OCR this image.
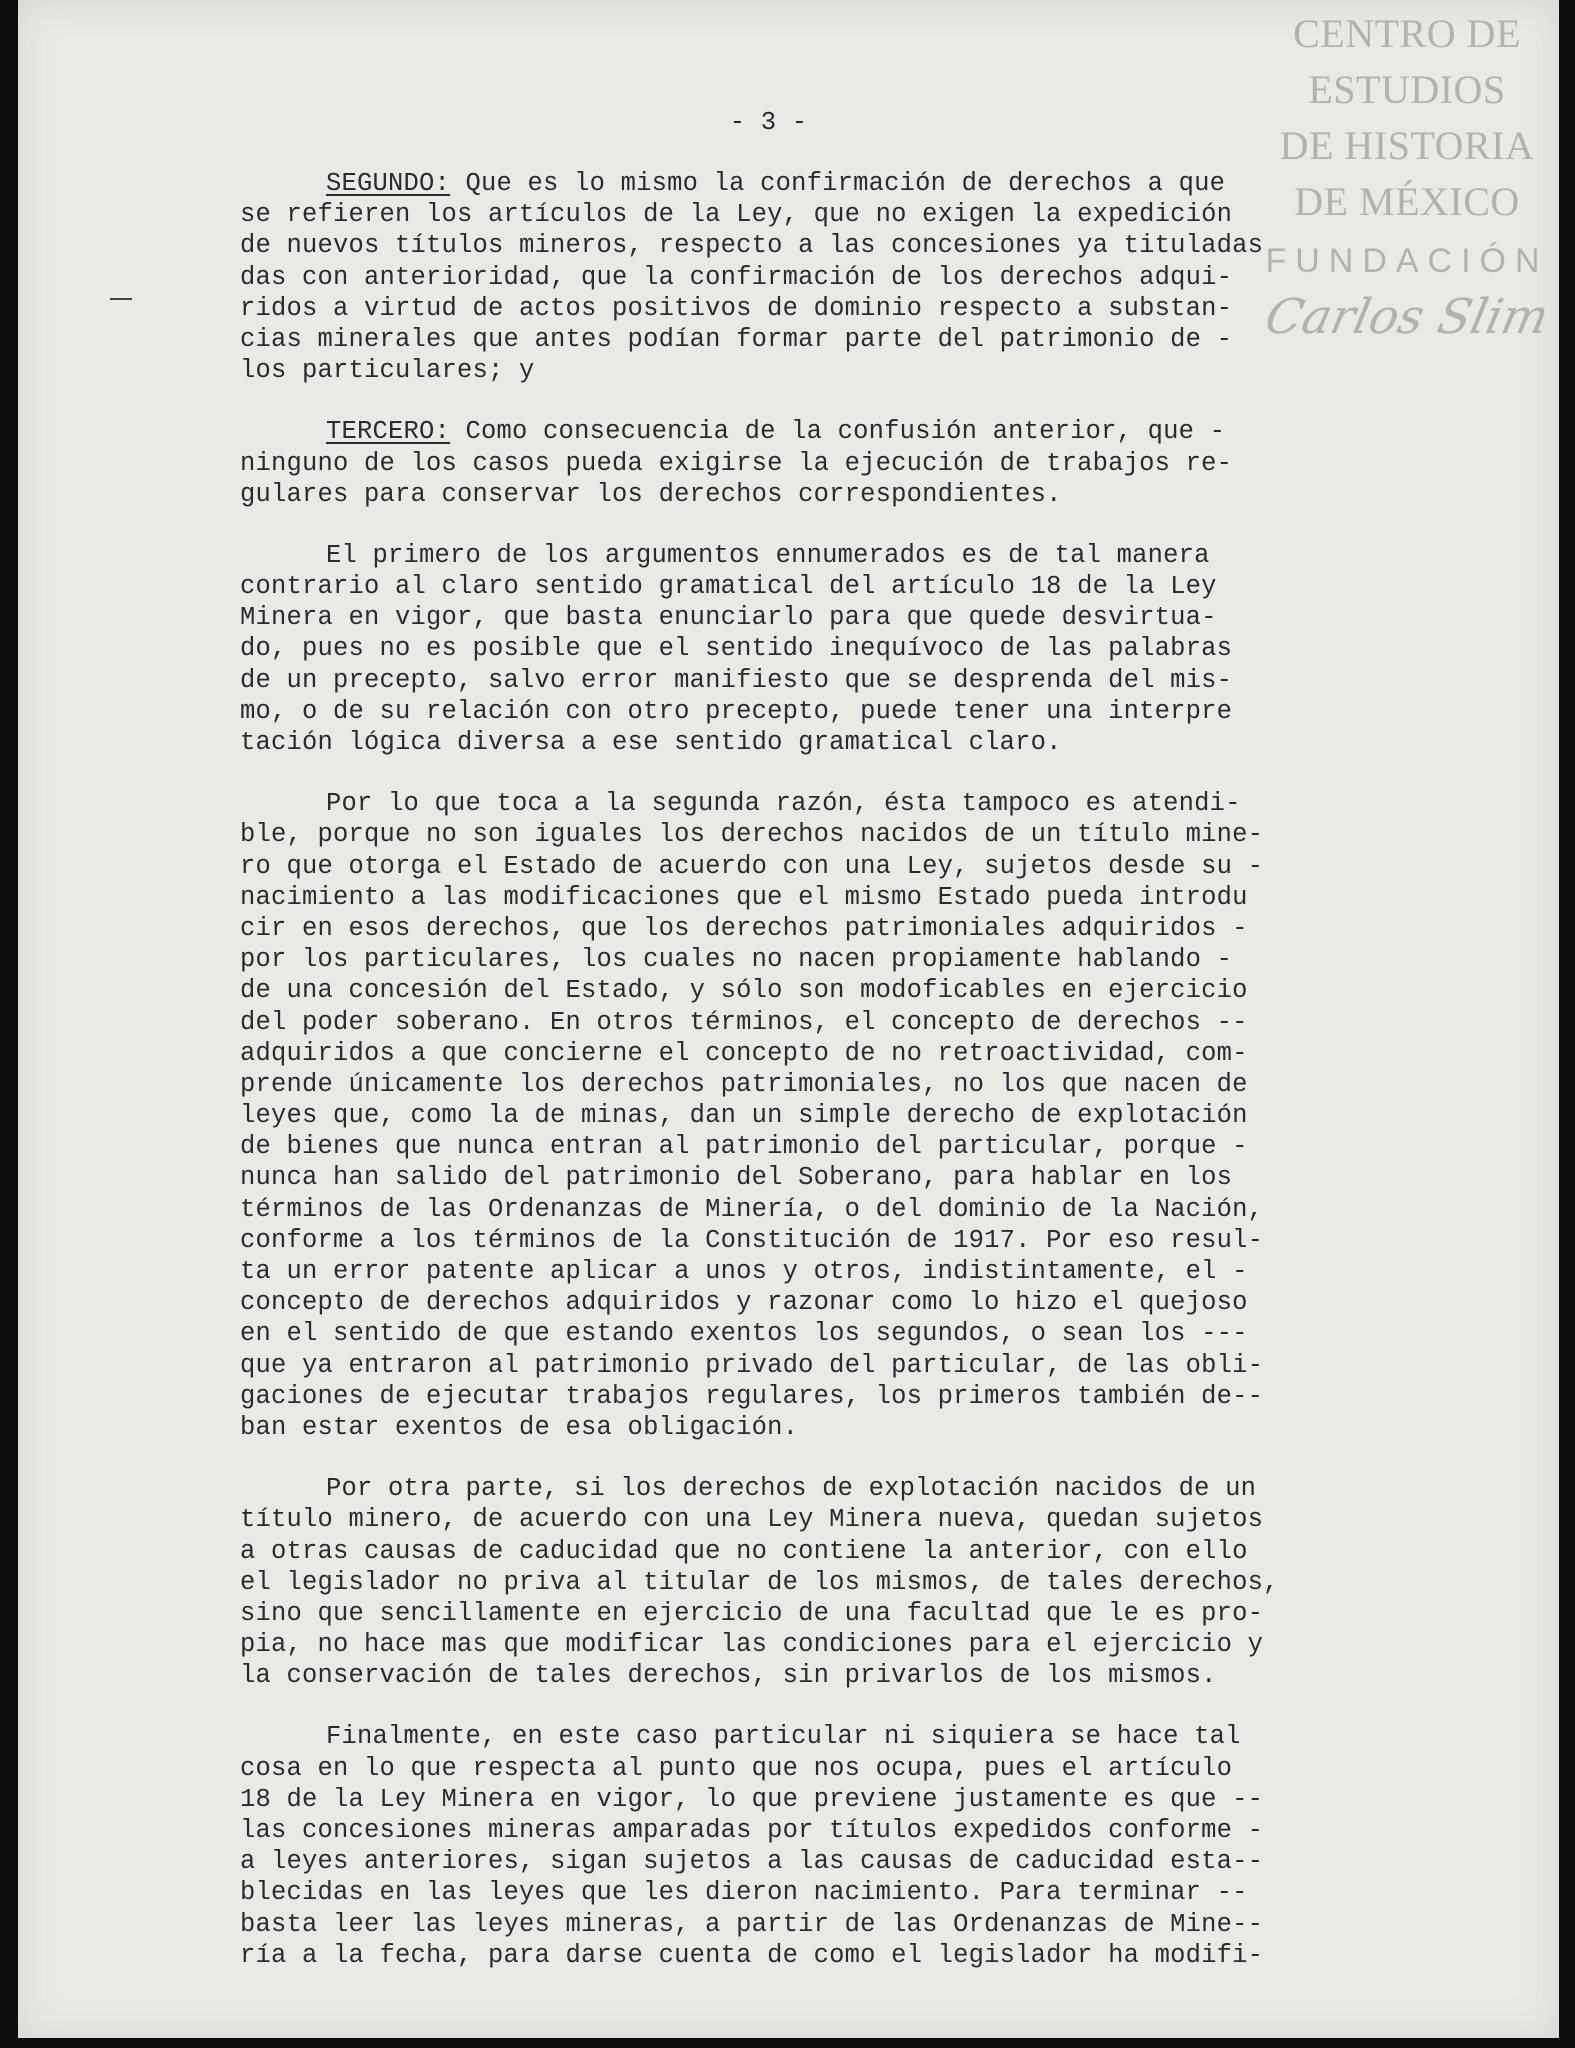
- 3 -
CENTRO DE
ESTUDIOS
DE HISTORIA
DE MÉXICO
FUNDACIÓN
Carlos Slim
SEGUNDO: Que es lo mismo la confirmación de derechos a que
se refieren los artículos de la Ley, que no exigen la expedición
de nuevos títulos mineros, respecto a las concesiones ya tituladas
das con anterioridad, que la confirmación de los derechos adqui-
ridos a virtud de actos positivos de dominio respecto a substan-
cias minerales que antes podían formar parte del patrimonio de -
los particulares; y
TERCERO: Como consecuencia de la confusión anterior, que -
ninguno de los casos pueda exigirse la ejecución de trabajos re-
gulares para conservar los derechos correspondientes.
El primero de los argumentos ennumerados es de tal manera
contrario al claro sentido gramatical del artículo 18 de la Ley
Minera en vigor, que basta enunciarlo para que quede desvirtua-
do, pues no es posible que el sentido inequívoco de las palabras
de un precepto, salvo error manifiesto que se desprenda del mis-
mo, o de su relación con otro precepto, puede tener una interpre
tación lógica diversa a ese sentido gramatical claro.
Por lo que toca a la segunda razón, ésta tampoco es atendi-
ble, porque no son iguales los derechos nacidos de un título mine-
ro que otorga el Estado de acuerdo con una Ley, sujetos desde su -
nacimiento a las modificaciones que el mismo Estado pueda introdu
cir en esos derechos, que los derechos patrimoniales adquiridos -
por los particulares, los cuales no nacen propiamente hablando -
de una concesión del Estado, y sólo son modoficables en ejercicio
del poder soberano. En otros términos, el concepto de derechos --
adquiridos a que concierne el concepto de no retroactividad, com-
prende únicamente los derechos patrimoniales, no los que nacen de
leyes que, como la de minas, dan un simple derecho de explotación
de bienes que nunca entran al patrimonio del particular, porque -
nunca han salido del patrimonio del Soberano, para hablar en los
términos de las Ordenanzas de Minería, o del dominio de la Nación,
conforme a los términos de la Constitución de 1917. Por eso resul-
ta un error patente aplicar a unos y otros, indistintamente, el -
concepto de derechos adquiridos y razonar como lo hizo el quejoso
en el sentido de que estando exentos los segundos, o sean los ---
que ya entraron al patrimonio privado del particular, de las obli-
gaciones de ejecutar trabajos regulares, los primeros también de--
ban estar exentos de esa obligación.
Por otra parte, si los derechos de explotación nacidos de un
título minero, de acuerdo con una Ley Minera nueva, quedan sujetos
a otras causas de caducidad que no contiene la anterior, con ello
el legislador no priva al titular de los mismos, de tales derechos,
sino que sencillamente en ejercicio de una facultad que le es pro-
pia, no hace mas que modificar las condiciones para el ejercicio y
la conservación de tales derechos, sin privarlos de los mismos.
Finalmente, en este caso particular ni siquiera se hace tal
cosa en lo que respecta al punto que nos ocupa, pues el artículo
18 de la Ley Minera en vigor, lo que previene justamente es que --
las concesiones mineras amparadas por títulos expedidos conforme -
a leyes anteriores, sigan sujetos a las causas de caducidad esta--
blecidas en las leyes que les dieron nacimiento. Para terminar --
basta leer las leyes mineras, a partir de las Ordenanzas de Mine--
ría a la fecha, para darse cuenta de como el legislador ha modifi-
